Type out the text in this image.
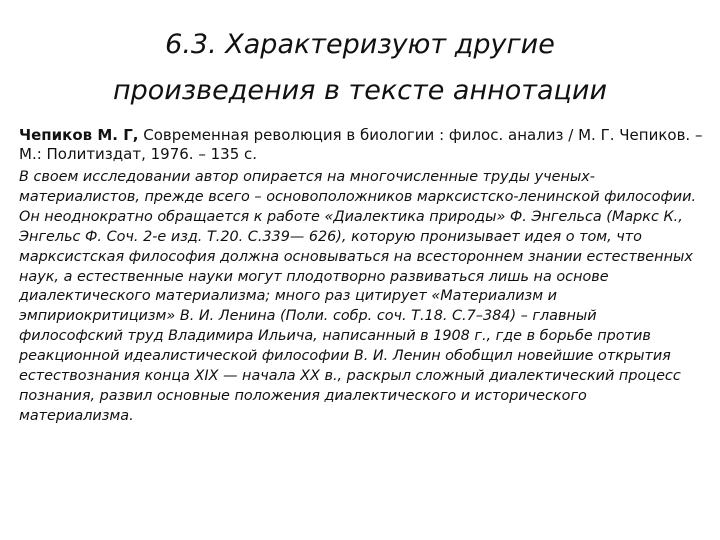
6.3. Характеризуют другие
произведения в тексте аннотации

Чепиков М. Г, Современная революция в биологии : филос. анализ / М. Г. Чепиков. – М.: Политиздат, 1976. – 135 с.

В своем исследовании автор опирается на многочисленные труды ученых-материалистов, прежде всего – основоположников марксистско-ленинской философии. Он неоднократно обращается к работе «Диалектика природы» Ф. Энгельса (Маркс К., Энгельс Ф. Соч. 2-е изд. Т.20. С.339— 626), которую пронизывает идея о том, что марксистская философия должна основываться на всестороннем знании естественных наук, а естественные науки могут плодотворно развиваться лишь на основе диалектического материализма; много раз цитирует «Материализм и эмпириокритицизм» В. И. Ленина (Поли. собр. соч. Т.18. С.7–384) – главный философский труд Владимира Ильича, написанный в 1908 г., где в борьбе против реакционной идеалистической философии В. И. Ленин обобщил новейшие открытия естествознания конца XIX — начала XX в., раскрыл сложный диалектический процесс познания, развил основные положения диалектического и исторического материализма.
